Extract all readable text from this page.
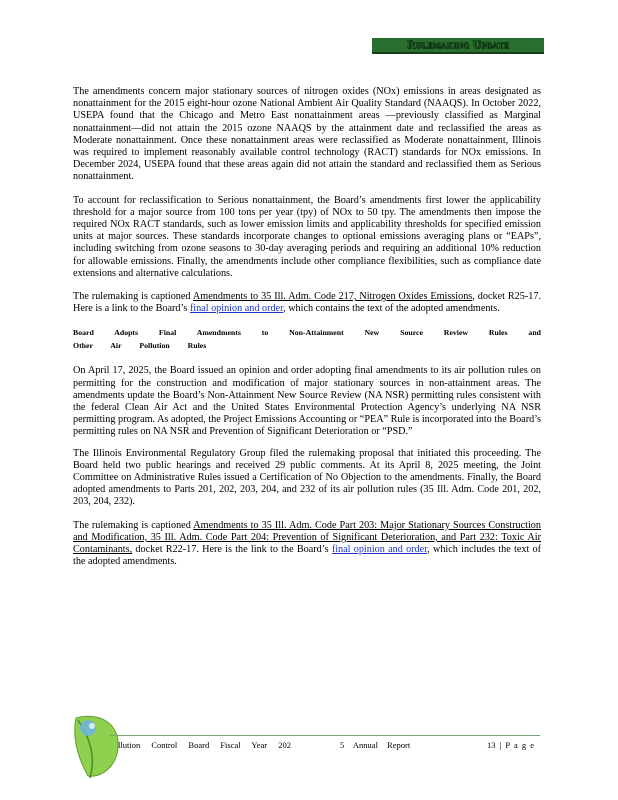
Rulemaking Update

The amendments concern major stationary sources of nitrogen oxides (NOx) emissions in areas designated as nonattainment for the 2015 eight-hour ozone National Ambient Air Quality Standard (NAAQS). In October 2022, USEPA found that the Chicago and Metro East nonattainment areas —previously classified as Marginal nonattainment—did not attain the 2015 ozone NAAQS by the attainment date and reclassified the areas as Moderate nonattainment. Once these nonattainment areas were reclassified as Moderate nonattainment, Illinois was required to implement reasonably available control technology (RACT) standards for NOx emissions. In December 2024, USEPA found that these areas again did not attain the standard and reclassified them as Serious nonattainment.

To account for reclassification to Serious nonattainment, the Board’s amendments first lower the applicability threshold for a major source from 100 tons per year (tpy) of NOx to 50 tpy. The amendments then impose the required NOx RACT standards, such as lower emission limits and applicability thresholds for specified emission units at major sources. These standards incorporate changes to optional emissions averaging plans or “EAPs”, including switching from ozone seasons to 30-day averaging periods and requiring an additional 10% reduction for allowable emissions. Finally, the amendments include other compliance flexibilities, such as compliance date extensions and alternative calculations.

The rulemaking is captioned Amendments to 35 Ill. Adm. Code 217, Nitrogen Oxides Emissions, docket R25-17. Here is a link to the Board’s final opinion and order, which contains the text of the adopted amendments.

Board Adopts Final Amendments to Non-Attainment New Source Review Rules and Other Air Pollution Rules

On April 17, 2025, the Board issued an opinion and order adopting final amendments to its air pollution rules on permitting for the construction and modification of major stationary sources in non-attainment areas. The amendments update the Board’s Non-Attainment New Source Review (NA NSR) permitting rules consistent with the federal Clean Air Act and the United States Environmental Protection Agency’s underlying NA NSR permitting program. As adopted, the Project Emissions Accounting or “PEA” Rule is incorporated into the Board’s permitting rules on NA NSR and Prevention of Significant Deterioration or “PSD.”

The Illinois Environmental Regulatory Group filed the rulemaking proposal that initiated this proceeding. The Board held two public hearings and received 29 public comments. At its April 8, 2025 meeting, the Joint Committee on Administrative Rules issued a Certification of No Objection to the amendments. Finally, the Board adopted amendments to Parts 201, 202, 203, 204, and 232 of its air pollution rules (35 Ill. Adm. Code 201, 202, 203, 204, 232).

The rulemaking is captioned Amendments to 35 Ill. Adm. Code Part 203: Major Stationary Sources Construction and Modification, 35 Ill. Adm. Code Part 204: Prevention of Significant Deterioration, and Part 232: Toxic Air Contaminants, docket R22-17. Here is the link to the Board’s final opinion and order, which includes the text of the adopted amendments.

llution Control Board Fiscal Year 202	5 Annual Report	13 | P a g e
